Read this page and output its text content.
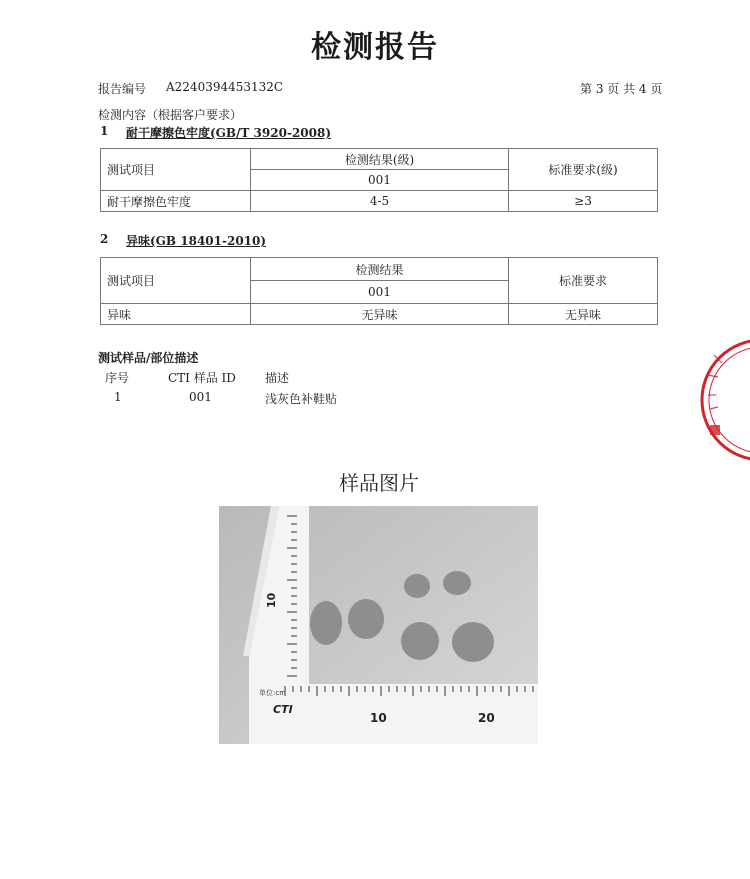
检测报告
报告编号 A2240394453132C	第 3 页 共 4 页
检测内容（根据客户要求）
1 耐干摩擦色牢度(GB/T 3920-2008)
测试项目	检测结果(级)	标准要求(级)
	001	
耐干摩擦色牢度	4-5	≥3
2 异味(GB 18401-2010)
测试项目	检测结果	标准要求
	001	
异味	无异味	无异味
测试样品/部位描述
序号	CTI 样品 ID 描述
1	001	浅灰色补鞋贴
样品图片
CTI
单位:cm
10	20
10
